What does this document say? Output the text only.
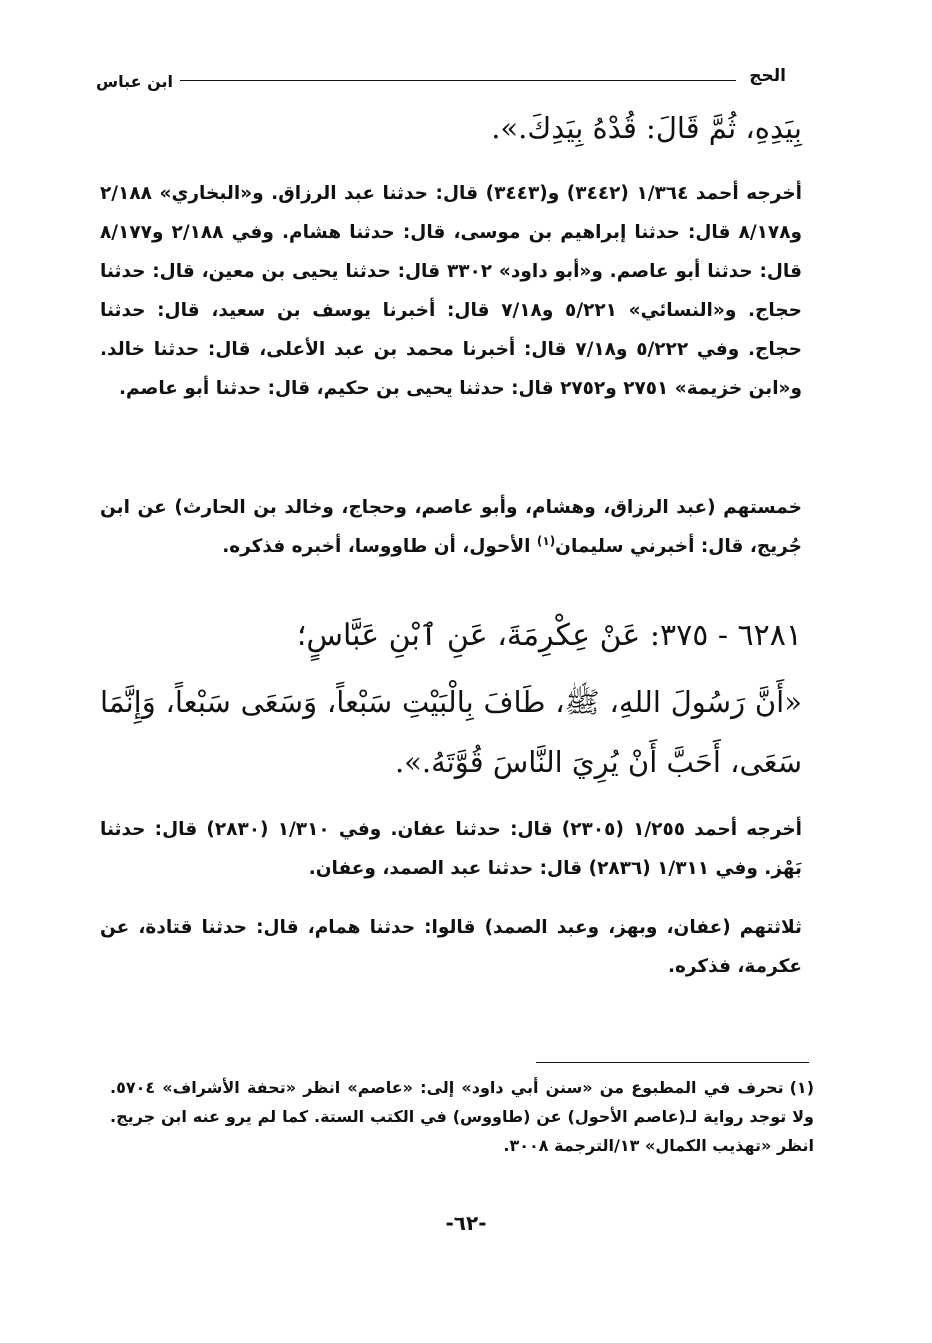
الحج
ابن عباس

بِيَدِهِ، ثُمَّ قَالَ: قُدْهُ بِيَدِكَ.».

أخرجه أحمد ١/٣٦٤ (٣٤٤٢) و(٣٤٤٣) قال: حدثنا عبد الرزاق. و«البخاري» ٢/١٨٨ و٨/١٧٨ قال: حدثنا إبراهيم بن موسى، قال: حدثنا هشام. وفي ٢/١٨٨ و٨/١٧٧ قال: حدثنا أبو عاصم. و«أبو داود» ٣٣٠٢ قال: حدثنا يحيى بن معين، قال: حدثنا حجاج. و«النسائي» ٥/٢٢١ و٧/١٨ قال: أخبرنا يوسف بن سعيد، قال: حدثنا حجاج. وفي ٥/٢٢٢ و٧/١٨ قال: أخبرنا محمد بن عبد الأعلى، قال: حدثنا خالد. و«ابن خزيمة» ٢٧٥١ و٢٧٥٢ قال: حدثنا يحيى بن حكيم، قال: حدثنا أبو عاصم.

خمستهم (عبد الرزاق، وهشام، وأبو عاصم، وحجاج، وخالد بن الحارث) عن ابن جُريج، قال: أخبرني سليمان$^{(١)}$ الأحول، أن طاووسا، أخبره فذكره.

٦٢٨١ - ٣٧٥: عَنْ عِكْرِمَةَ، عَنِ ٱبْنِ عَبَّاسٍ؛

«أَنَّ رَسُولَ اللهِ، ﷺ، طَافَ بِالْبَيْتِ سَبْعاً، وَسَعَى سَبْعاً، وَإِنَّمَا سَعَى، أَحَبَّ أَنْ يُرِيَ النَّاسَ قُوَّتَهُ.».

أخرجه أحمد ١/٢٥٥ (٢٣٠٥) قال: حدثنا عفان. وفي ١/٣١٠ (٢٨٣٠) قال: حدثنا بَهْز. وفي ١/٣١١ (٢٨٣٦) قال: حدثنا عبد الصمد، وعفان.

ثلاثتهم (عفان، وبهز، وعبد الصمد) قالوا: حدثنا همام، قال: حدثنا قتادة، عن عكرمة، فذكره.

(١)تحرف في المطبوع من «سنن أبي داود» إلى: «عاصم» انظر «تحفة الأشراف» ٥٧٠٤. ولا توجد رواية لـ(عاصم الأحول) عن (طاووس) في الكتب الستة. كما لم يرو عنه ابن جريج. انظر «تهذيب الكمال» ١٣/الترجمة ٣٠٠٨.

-٦٢-
